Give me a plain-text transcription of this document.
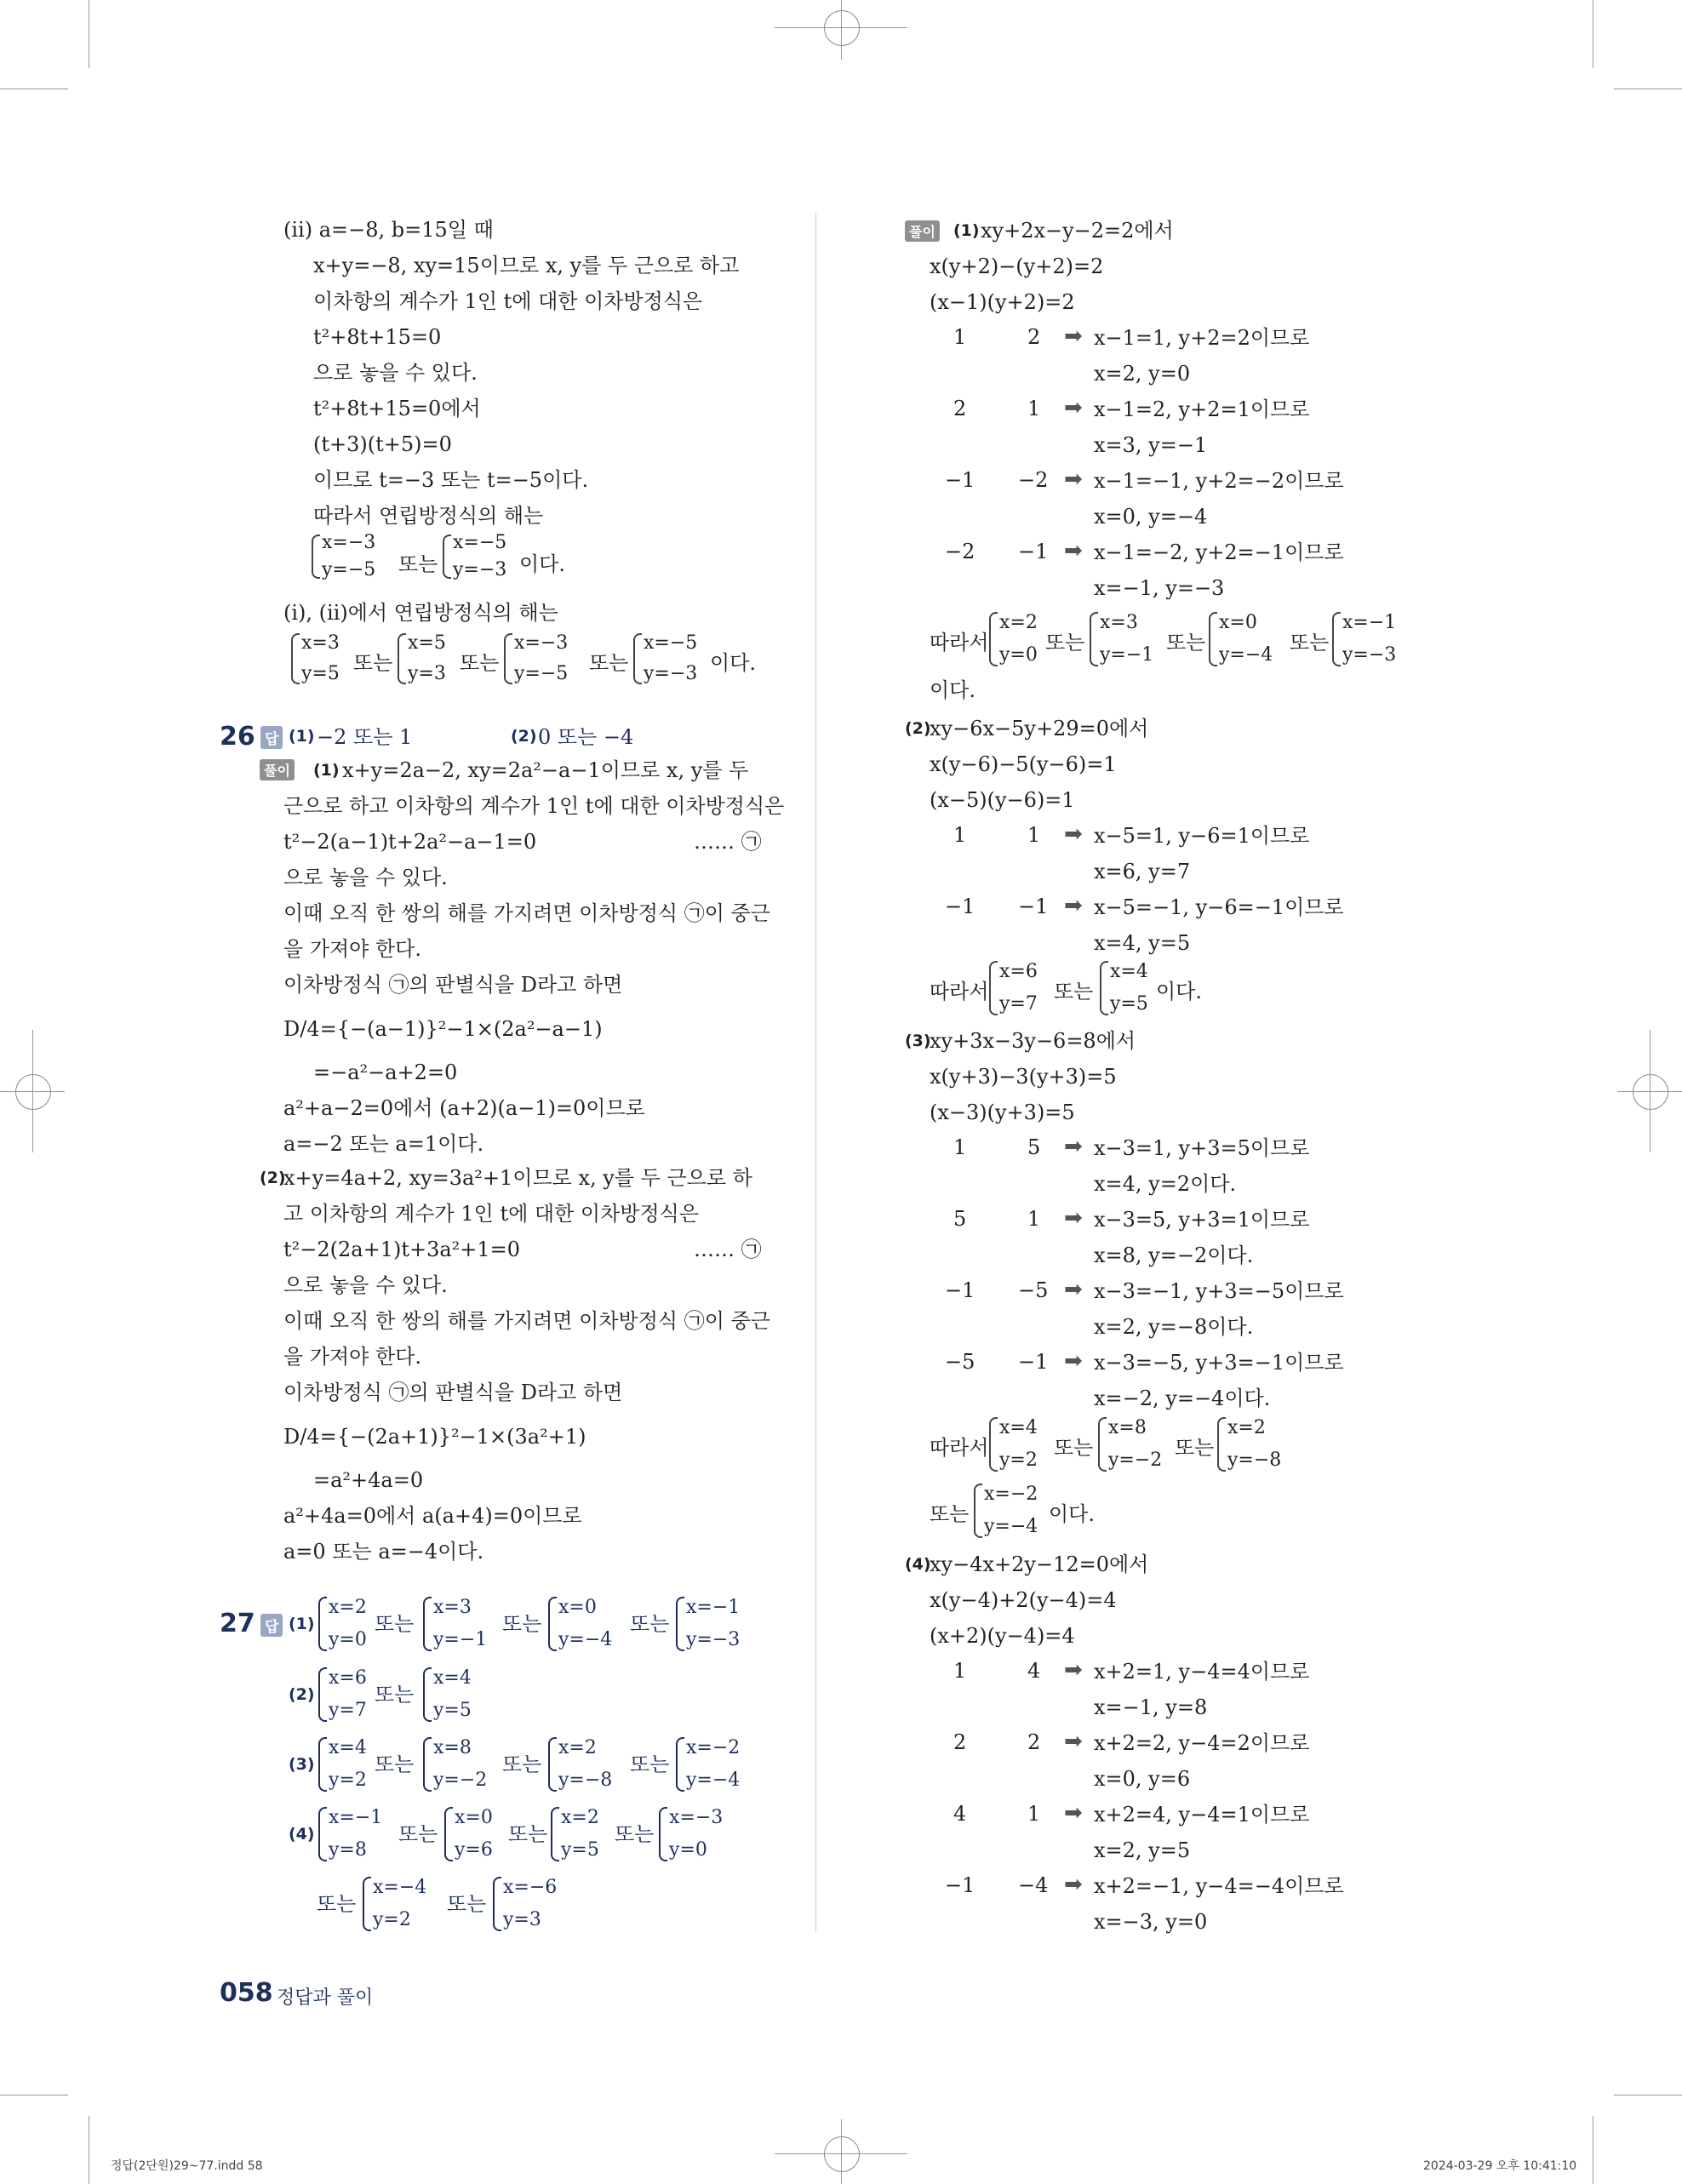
(ⅱ) a=−8, b=15일 때
x+y=−8, xy=15이므로 x, y를 두 근으로 하고
이차항의 계수가 1인 t에 대한 이차방정식은
t²+8t+15=0
으로 놓을 수 있다.
t²+8t+15=0에서
(t+3)(t+5)=0
이므로 t=−3 또는 t=−5이다.
따라서 연립방정식의 해는
x=−3
y=−5 또는
x=−5
y=−3 이다.
(ⅰ), (ⅱ)에서 연립방정식의 해는
x=3
y=5 또는
x=5
y=3 또는
x=−3
y=−5 또는
x=−5
y=−3 이다.
26 답 (1) −2 또는 1	(2) 0 또는 −4
풀이 (1) x+y=2a−2, xy=2a²−a−1이므로 x, y를 두
근으로 하고 이차항의 계수가 1인 t에 대한 이차방정식은
t²−2(a−1)t+2a²−a−1=0	…… ㉠
으로 놓을 수 있다.
이때 오직 한 쌍의 해를 가지려면 이차방정식 ㉠이 중근
을 가져야 한다.
이차방정식 ㉠의 판별식을 D라고 하면
D/4={−(a−1)}²−1×(2a²−a−1)
=−a²−a+2=0
a²+a−2=0에서 (a+2)(a−1)=0이므로
a=−2 또는 a=1이다.
(2)
x+y=4a+2, xy=3a²+1이므로 x, y를 두 근으로 하
고 이차항의 계수가 1인 t에 대한 이차방정식은
t²−2(2a+1)t+3a²+1=0	…… ㉠
으로 놓을 수 있다.
이때 오직 한 쌍의 해를 가지려면 이차방정식 ㉠이 중근
을 가져야 한다.
이차방정식 ㉠의 판별식을 D라고 하면
D/4={−(2a+1)}²−1×(3a²+1)
=a²+4a=0
a²+4a=0에서 a(a+4)=0이므로
a=0 또는 a=−4이다.
27 답 (1)
x=2
y=0
또는
x=3
y=−1
또는
x=0
y=−4
또는
x=−1
y=−3
(2)
x=6
y=7
또는
x=4
y=5
(3)
x=4
y=2
또는
x=8
y=−2
또는
x=2
y=−8
또는
x=−2
y=−4
(4)
x=−1
y=8
또는
x=0
y=6
또는
x=2
y=5
또는
x=−3
y=0
또는
x=−4
y=2
또는
x=−6
y=3
058 정답과 풀이
풀이 (1) xy+2x−y−2=2에서
x(y+2)−(y+2)=2
(x−1)(y+2)=2
1	2 ➡ x−1=1, y+2=2이므로
x=2, y=0
2	1 ➡ x−1=2, y+2=1이므로
x=3, y=−1
−1 −2 ➡ x−1=−1, y+2=−2이므로
x=0, y=−4
−2 −1 ➡ x−1=−2, y+2=−1이므로
x=−1, y=−3
따라서
x=2
y=0
또는
x=3
y=−1
또는
x=0
y=−4
또는
x=−1
y=−3
이다.
(2)
xy−6x−5y+29=0에서
x(y−6)−5(y−6)=1
(x−5)(y−6)=1
1	1 ➡ x−5=1, y−6=1이므로
x=6, y=7
−1 −1 ➡ x−5=−1, y−6=−1이므로
x=4, y=5
따라서
x=6
y=7
또는
x=4
y=5
이다.
(3)
xy+3x−3y−6=8에서
x(y+3)−3(y+3)=5
(x−3)(y+3)=5
1	5 ➡ x−3=1, y+3=5이므로
x=4, y=2이다.
5	1 ➡ x−3=5, y+3=1이므로
x=8, y=−2이다.
−1 −5 ➡ x−3=−1, y+3=−5이므로
x=2, y=−8이다.
−5 −1 ➡ x−3=−5, y+3=−1이므로
x=−2, y=−4이다.
따라서
x=4
y=2
또는
x=8
y=−2
또는
x=2
y=−8
또는
x=−2
y=−4
이다.
(4)
xy−4x+2y−12=0에서
x(y−4)+2(y−4)=4
(x+2)(y−4)=4
1	4 ➡ x+2=1, y−4=4이므로
x=−1, y=8
2	2 ➡ x+2=2, y−4=2이므로
x=0, y=6
4	1 ➡ x+2=4, y−4=1이므로
x=2, y=5
−1 −4 ➡ x+2=−1, y−4=−4이므로
x=−3, y=0
정답(2단원)29~77.indd 58	2024-03-29 오후 10:41:10
